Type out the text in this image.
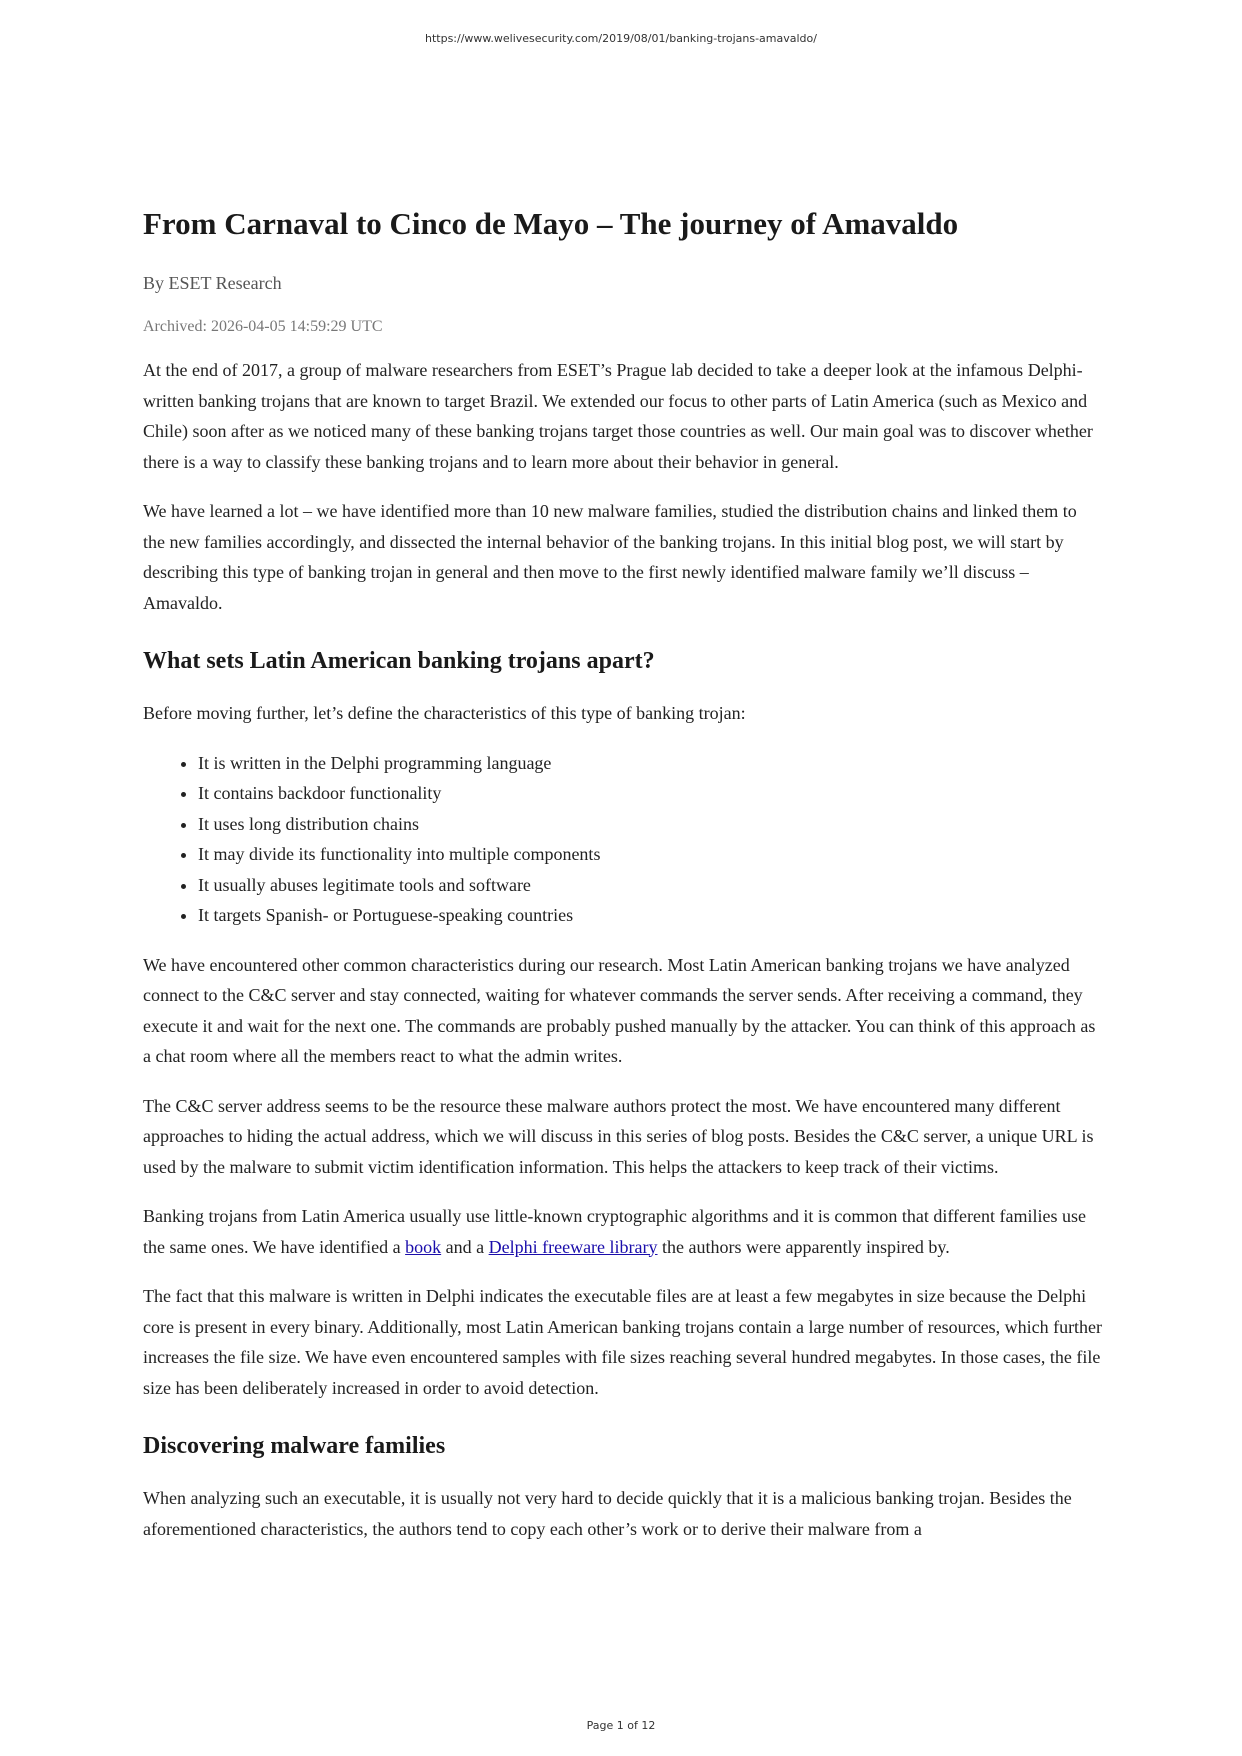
https://www.welivesecurity.com/2019/08/01/banking-trojans-amavaldo/
From Carnaval to Cinco de Mayo – The journey of Amavaldo
By ESET Research
Archived: 2026-04-05 14:59:29 UTC

At the end of 2017, a group of malware researchers from ESET’s Prague lab decided to take a deeper look at the infamous Delphi-written banking trojans that are known to target Brazil. We extended our focus to other parts of Latin America (such as Mexico and Chile) soon after as we noticed many of these banking trojans target those countries as well. Our main goal was to discover whether there is a way to classify these banking trojans and to learn more about their behavior in general.

We have learned a lot – we have identified more than 10 new malware families, studied the distribution chains and linked them to the new families accordingly, and dissected the internal behavior of the banking trojans. In this initial blog post, we will start by describing this type of banking trojan in general and then move to the first newly identified malware family we’ll discuss – Amavaldo.

What sets Latin American banking trojans apart?

Before moving further, let’s define the characteristics of this type of banking trojan:

• It is written in the Delphi programming language
• It contains backdoor functionality
• It uses long distribution chains
• It may divide its functionality into multiple components
• It usually abuses legitimate tools and software
• It targets Spanish- or Portuguese-speaking countries

We have encountered other common characteristics during our research. Most Latin American banking trojans we have analyzed connect to the C&C server and stay connected, waiting for whatever commands the server sends. After receiving a command, they execute it and wait for the next one. The commands are probably pushed manually by the attacker. You can think of this approach as a chat room where all the members react to what the admin writes.

The C&C server address seems to be the resource these malware authors protect the most. We have encountered many different approaches to hiding the actual address, which we will discuss in this series of blog posts. Besides the C&C server, a unique URL is used by the malware to submit victim identification information. This helps the attackers to keep track of their victims.

Banking trojans from Latin America usually use little-known cryptographic algorithms and it is common that different families use the same ones. We have identified a book and a Delphi freeware library the authors were apparently inspired by.

The fact that this malware is written in Delphi indicates the executable files are at least a few megabytes in size because the Delphi core is present in every binary. Additionally, most Latin American banking trojans contain a large number of resources, which further increases the file size. We have even encountered samples with file sizes reaching several hundred megabytes. In those cases, the file size has been deliberately increased in order to avoid detection.

Discovering malware families

When analyzing such an executable, it is usually not very hard to decide quickly that it is a malicious banking trojan. Besides the aforementioned characteristics, the authors tend to copy each other’s work or to derive their malware from a

Page 1 of 12
